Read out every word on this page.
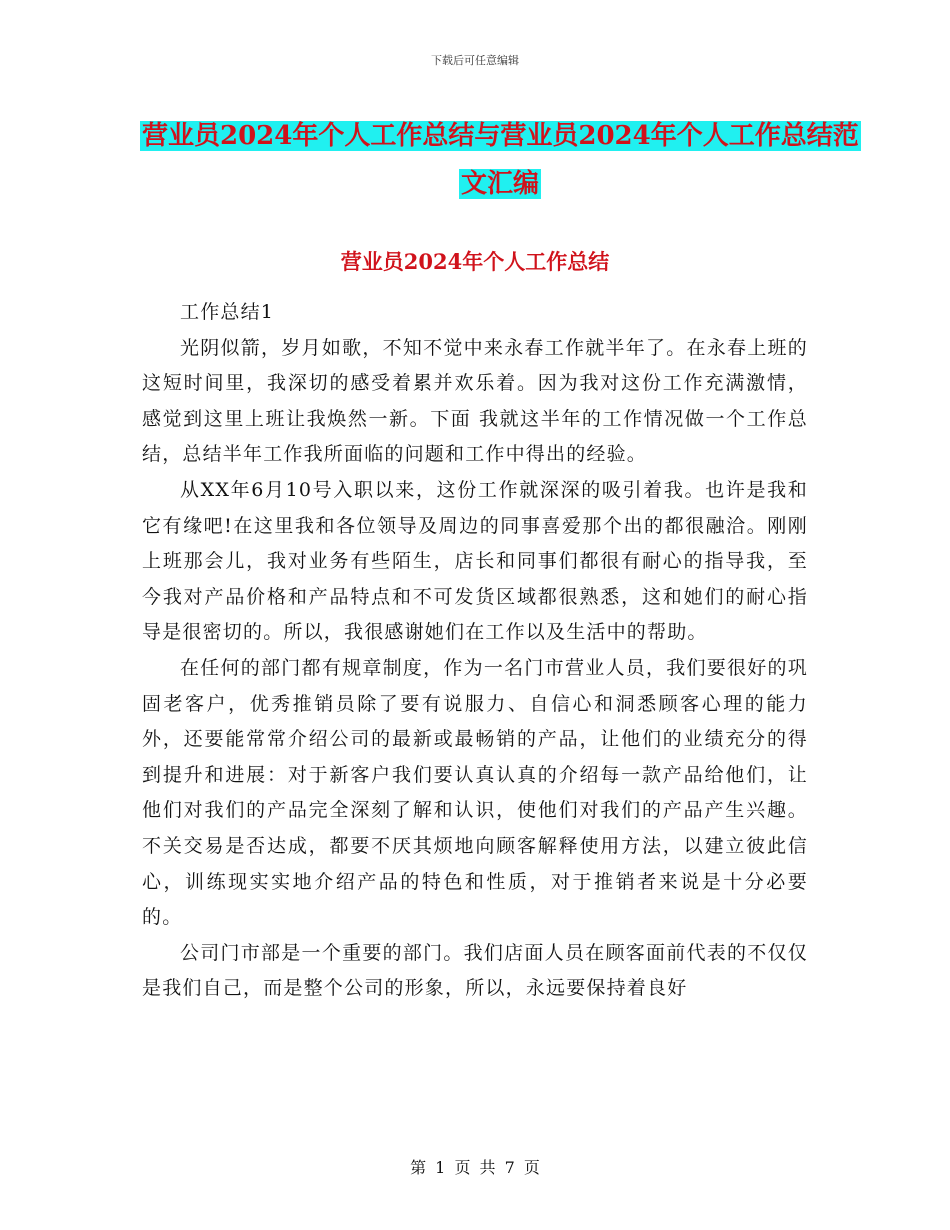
下载后可任意编辑
营业员2024年个人工作总结与营业员2024年个人工作总结范文汇编
营业员2024年个人工作总结

工作总结1

光阴似箭，岁月如歌，不知不觉中来永春工作就半年了。在永春上班的这短时间里，我深切的感受着累并欢乐着。因为我对这份工作充满激情，感觉到这里上班让我焕然一新。下面 我就这半年的工作情况做一个工作总结，总结半年工作我所面临的问题和工作中得出的经验。

从XX年6月10号入职以来，这份工作就深深的吸引着我。也许是我和它有缘吧!在这里我和各位领导及周边的同事喜爱那个出的都很融洽。刚刚上班那会儿，我对业务有些陌生，店长和同事们都很有耐心的指导我，至今我对产品价格和产品特点和不可发货区域都很熟悉，这和她们的耐心指导是很密切的。所以，我很感谢她们在工作以及生活中的帮助。

在任何的部门都有规章制度，作为一名门市营业人员，我们要很好的巩固老客户，优秀推销员除了要有说服力、自信心和洞悉顾客心理的能力外，还要能常常介绍公司的最新或最畅销的产品，让他们的业绩充分的得到提升和进展：对于新客户我们要认真认真的介绍每一款产品给他们，让他们对我们的产品完全深刻了解和认识，使他们对我们的产品产生兴趣。不关交易是否达成，都要不厌其烦地向顾客解释使用方法，以建立彼此信心，训练现实实地介绍产品的特色和性质，对于推销者来说是十分必要的。

公司门市部是一个重要的部门。我们店面人员在顾客面前代表的不仅仅是我们自己，而是整个公司的形象，所以，永远要保持着良好

第 1 页 共 7 页
